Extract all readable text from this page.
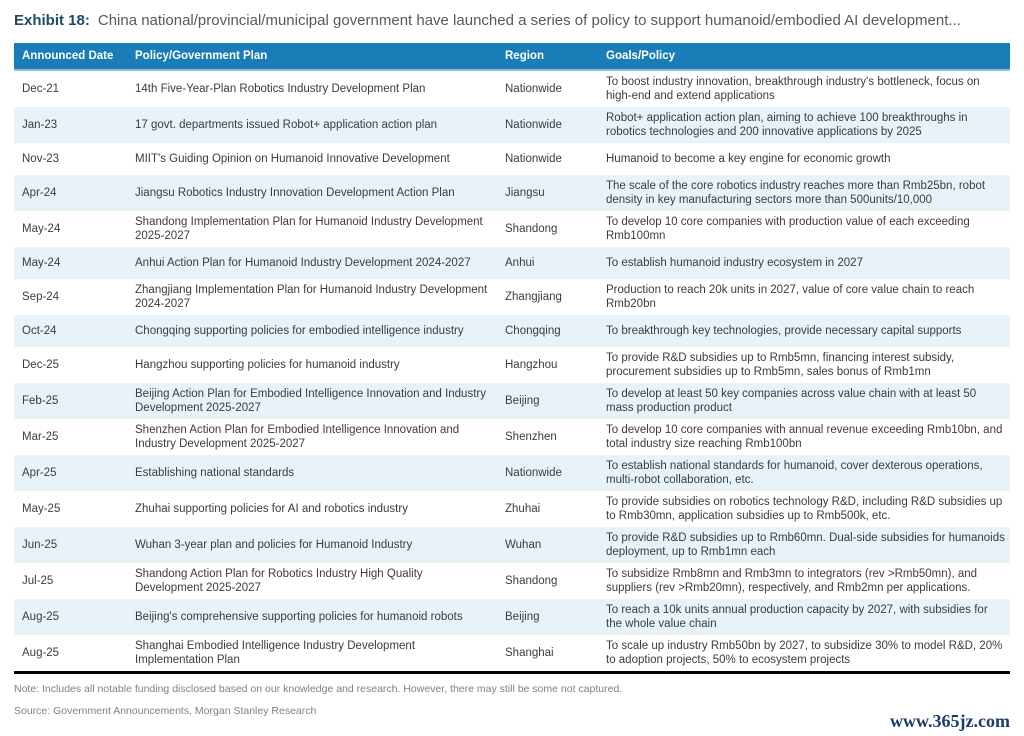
Exhibit 18: China national/provincial/municipal government have launched a series of policy to support humanoid/embodied AI development...
Announced Date	Policy/Government Plan	Region	Goals/Policy
Dec-21	14th Five-Year-Plan Robotics Industry Development Plan	Nationwide	To boost industry innovation, breakthrough industry's bottleneck, focus on high-end and extend applications
Jan-23	17 govt. departments issued Robot+ application action plan	Nationwide	Robot+ application action plan, aiming to achieve 100 breakthroughs in robotics technologies and 200 innovative applications by 2025
Nov-23	MIIT's Guiding Opinion on Humanoid Innovative Development	Nationwide	Humanoid to become a key engine for economic growth
Apr-24	Jiangsu Robotics Industry Innovation Development Action Plan	Jiangsu	The scale of the core robotics industry reaches more than Rmb25bn, robot density in key manufacturing sectors more than 500units/10,000
May-24	Shandong Implementation Plan for Humanoid Industry Development 2025-2027	Shandong	To develop 10 core companies with production value of each exceeding Rmb100mn
May-24	Anhui Action Plan for Humanoid Industry Development 2024-2027	Anhui	To establish humanoid industry ecosystem in 2027
Sep-24	Zhangjiang Implementation Plan for Humanoid Industry Development 2024-2027	Zhangjiang	Production to reach 20k units in 2027, value of core value chain to reach Rmb20bn
Oct-24	Chongqing supporting policies for embodied intelligence industry	Chongqing	To breakthrough key technologies, provide necessary capital supports
Dec-25	Hangzhou supporting policies for humanoid industry	Hangzhou	To provide R&D subsidies up to Rmb5mn, financing interest subsidy, procurement subsidies up to Rmb5mn, sales bonus of Rmb1mn
Feb-25	Beijing Action Plan for Embodied Intelligence Innovation and Industry Development 2025-2027	Beijing	To develop at least 50 key companies across value chain with at least 50 mass production product
Mar-25	Shenzhen Action Plan for Embodied Intelligence Innovation and Industry Development 2025-2027	Shenzhen	To develop 10 core companies with annual revenue exceeding Rmb10bn, and total industry size reaching Rmb100bn
Apr-25	Establishing national standards	Nationwide	To establish national standards for humanoid, cover dexterous operations, multi-robot collaboration, etc.
May-25	Zhuhai supporting policies for AI and robotics industry	Zhuhai	To provide subsidies on robotics technology R&D, including R&D subsidies up to Rmb30mn, application subsidies up to Rmb500k, etc.
Jun-25	Wuhan 3-year plan and policies for Humanoid Industry	Wuhan	To provide R&D subsidies up to Rmb60mn. Dual-side subsidies for humanoids deployment, up to Rmb1mn each
Jul-25	Shandong Action Plan for Robotics Industry High Quality Development 2025-2027	Shandong	To subsidize Rmb8mn and Rmb3mn to integrators (rev >Rmb50mn), and suppliers (rev >Rmb20mn), respectively, and Rmb2mn per applications.
Aug-25	Beijing's comprehensive supporting policies for humanoid robots	Beijing	To reach a 10k units annual production capacity by 2027, with subsidies for the whole value chain
Aug-25	Shanghai Embodied Intelligence Industry Development Implementation Plan	Shanghai	To scale up industry Rmb50bn by 2027, to subsidize 30% to model R&D, 20% to adoption projects, 50% to ecosystem projects
Note: Includes all notable funding disclosed based on our knowledge and research. However, there may still be some not captured.
Source: Government Announcements, Morgan Stanley Research	www.365jz.com
